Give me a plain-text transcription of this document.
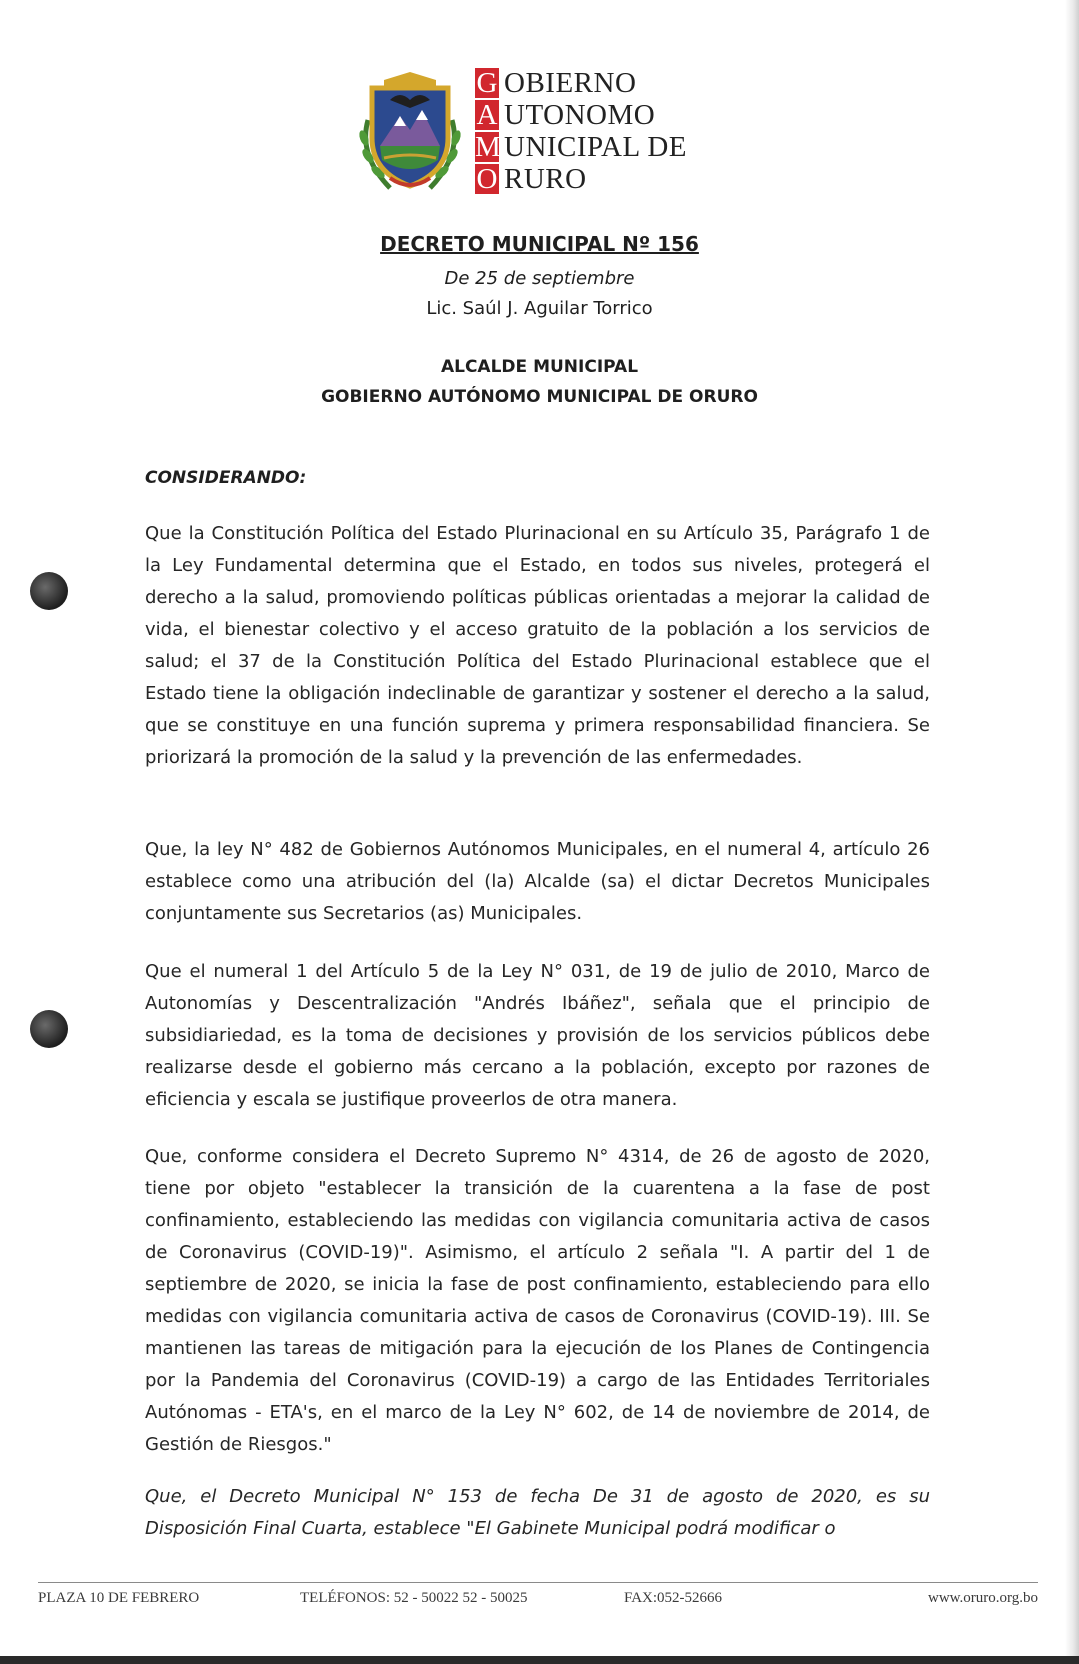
G
A
M
O
OBIERNO
UTONOMO
UNICIPAL DE
RURO
DECRETO MUNICIPAL Nº 156
De 25 de septiembre
Lic. Saúl J. Aguilar Torrico
ALCALDE MUNICIPAL
GOBIERNO AUTÓNOMO MUNICIPAL DE ORURO
CONSIDERANDO:

Que la Constitución Política del Estado Plurinacional en su Artículo 35, Parágrafo 1 de la Ley Fundamental determina que el Estado, en todos sus niveles, protegerá el derecho a la salud, promoviendo políticas públicas orientadas a mejorar la calidad de vida, el bienestar colectivo y el acceso gratuito de la población a los servicios de salud; el 37 de la Constitución Política del Estado Plurinacional establece que el Estado tiene la obligación indeclinable de garantizar y sostener el derecho a la salud, que se constituye en una función suprema y primera responsabilidad financiera. Se priorizará la promoción de la salud y la prevención de las enfermedades.

Que, la ley N° 482 de Gobiernos Autónomos Municipales, en el numeral 4, artículo 26 establece como una atribución del (la) Alcalde (sa) el dictar Decretos Municipales conjuntamente sus Secretarios (as) Municipales.

Que el numeral 1 del Artículo 5 de la Ley N° 031, de 19 de julio de 2010, Marco de Autonomías y Descentralización "Andrés Ibáñez", señala que el principio de subsidiariedad, es la toma de decisiones y provisión de los servicios públicos debe realizarse desde el gobierno más cercano a la población, excepto por razones de eficiencia y escala se justifique proveerlos de otra manera.

Que, conforme considera el Decreto Supremo N° 4314, de 26 de agosto de 2020, tiene por objeto "establecer la transición de la cuarentena a la fase de post confinamiento, estableciendo las medidas con vigilancia comunitaria activa de casos de Coronavirus (COVID-19)". Asimismo, el artículo 2 señala "I. A partir del 1 de septiembre de 2020, se inicia la fase de post confinamiento, estableciendo para ello medidas con vigilancia comunitaria activa de casos de Coronavirus (COVID-19). III. Se mantienen las tareas de mitigación para la ejecución de los Planes de Contingencia por la Pandemia del Coronavirus (COVID-19) a cargo de las Entidades Territoriales Autónomas - ETA's, en el marco de la Ley N° 602, de 14 de noviembre de 2014, de Gestión de Riesgos."

Que, el Decreto Municipal N° 153 de fecha De 31 de agosto de 2020, es su Disposición Final Cuarta, establece "El Gabinete Municipal podrá modificar o

PLAZA 10 DE FEBRERO	TELÉFONOS: 52 - 50022 52 - 50025	FAX:052-52666	www.oruro.org.bo
